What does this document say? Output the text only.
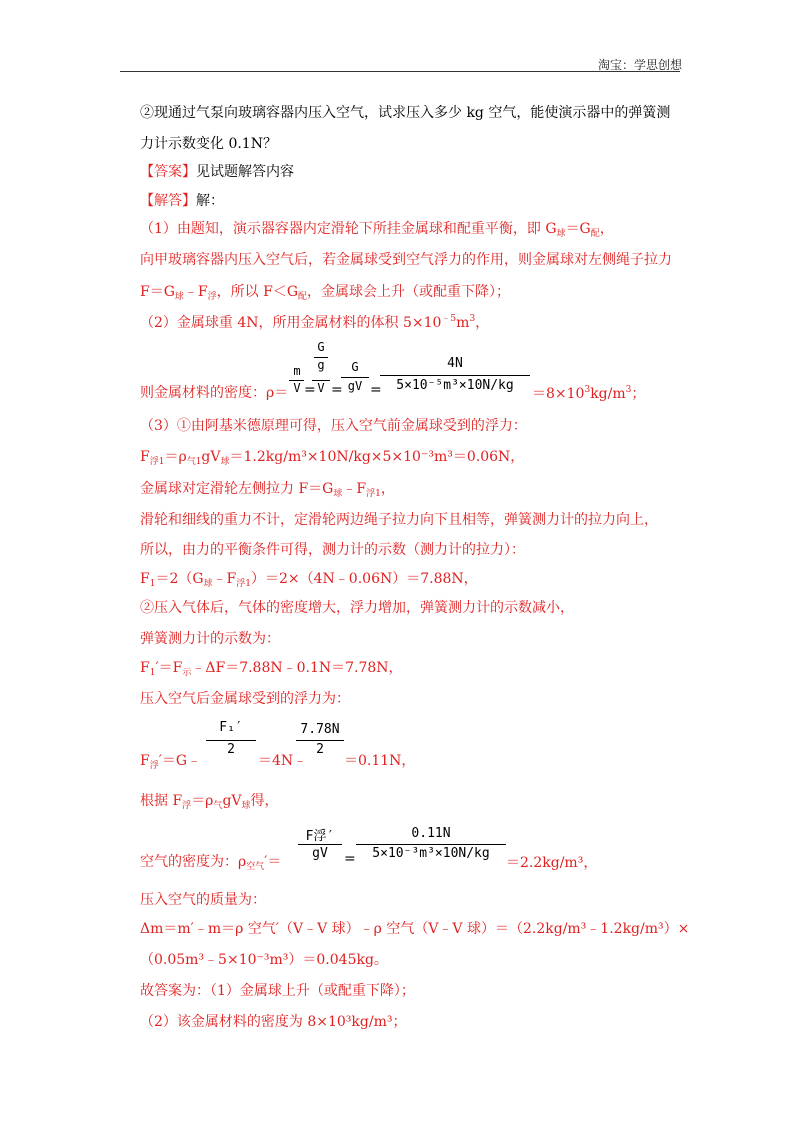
淘宝：学思创想
②现通过气泵向玻璃容器内压入空气，试求压入多少 kg 空气，能使演示器中的弹簧测
力计示数变化 0.1N？
【答案】见试题解答内容
【解答】解：
（1）由题知，演示器容器内定滑轮下所挂金属球和配重平衡，即 $G_球=G_配$，
向甲玻璃容器内压入空气后，若金属球受到空气浮力的作用，则金属球对左侧绳子拉力
$F=G_球﹣F_浮$，所以 $F<G_配$，金属球会上升（或配重下降）；
（2）金属球重 4N，所用金属材料的体积 $5\times 10^{﹣5}m^3$，
则金属材料的密度：ρ＝
m
V =
G
g
V =
G
gV =
4N
5×10⁻⁵m³×10N/kg
$=8\times 10^3kg/m^3$；
（3）①由阿基米德原理可得，压入空气前金属球受到的浮力：
$F_{浮1}=\rho_{气1}gV_球=1.2kg/m^3\times 10N/kg\times 5\times 10^{-3}m^3=0.06N$，
金属球对定滑轮左侧拉力 $F=G_球﹣F_{浮1}$，
滑轮和细线的重力不计，定滑轮两边绳子拉力向下且相等，弹簧测力计的拉力向上，
所以，由力的平衡条件可得，测力计的示数（测力计的拉力）：
$F_1=2(G_球﹣F_{浮1})=2\times(4N﹣0.06N)=7.88N$，
②压入气体后，气体的密度增大，浮力增加，弹簧测力计的示数减小，
弹簧测力计的示数为：
$F_1'=F_示﹣\Delta F=7.88N﹣0.1N=7.78N$，
压入空气后金属球受到的浮力为：
$F_浮'=G﹣$
F₁′
2
＝4N﹣
7.78N
2
＝0.11N，
根据 $F_浮=\rho_气gV_球$得，
空气的密度为：$\rho_{空气}'=$
F浮′
gV	=
0.11N
5×10⁻³m³×10N/kg
＝2.2kg/m³，
压入空气的质量为：
Δm＝m′﹣m＝ρ 空气′（V﹣V 球）﹣ρ 空气（V﹣V 球）＝（2.2kg/m³﹣1.2kg/m³）×
（0.05m³﹣5×10⁻³m³）＝0.045kg。
故答案为：（1）金属球上升（或配重下降）；
（2）该金属材料的密度为 8×10³kg/m³；
